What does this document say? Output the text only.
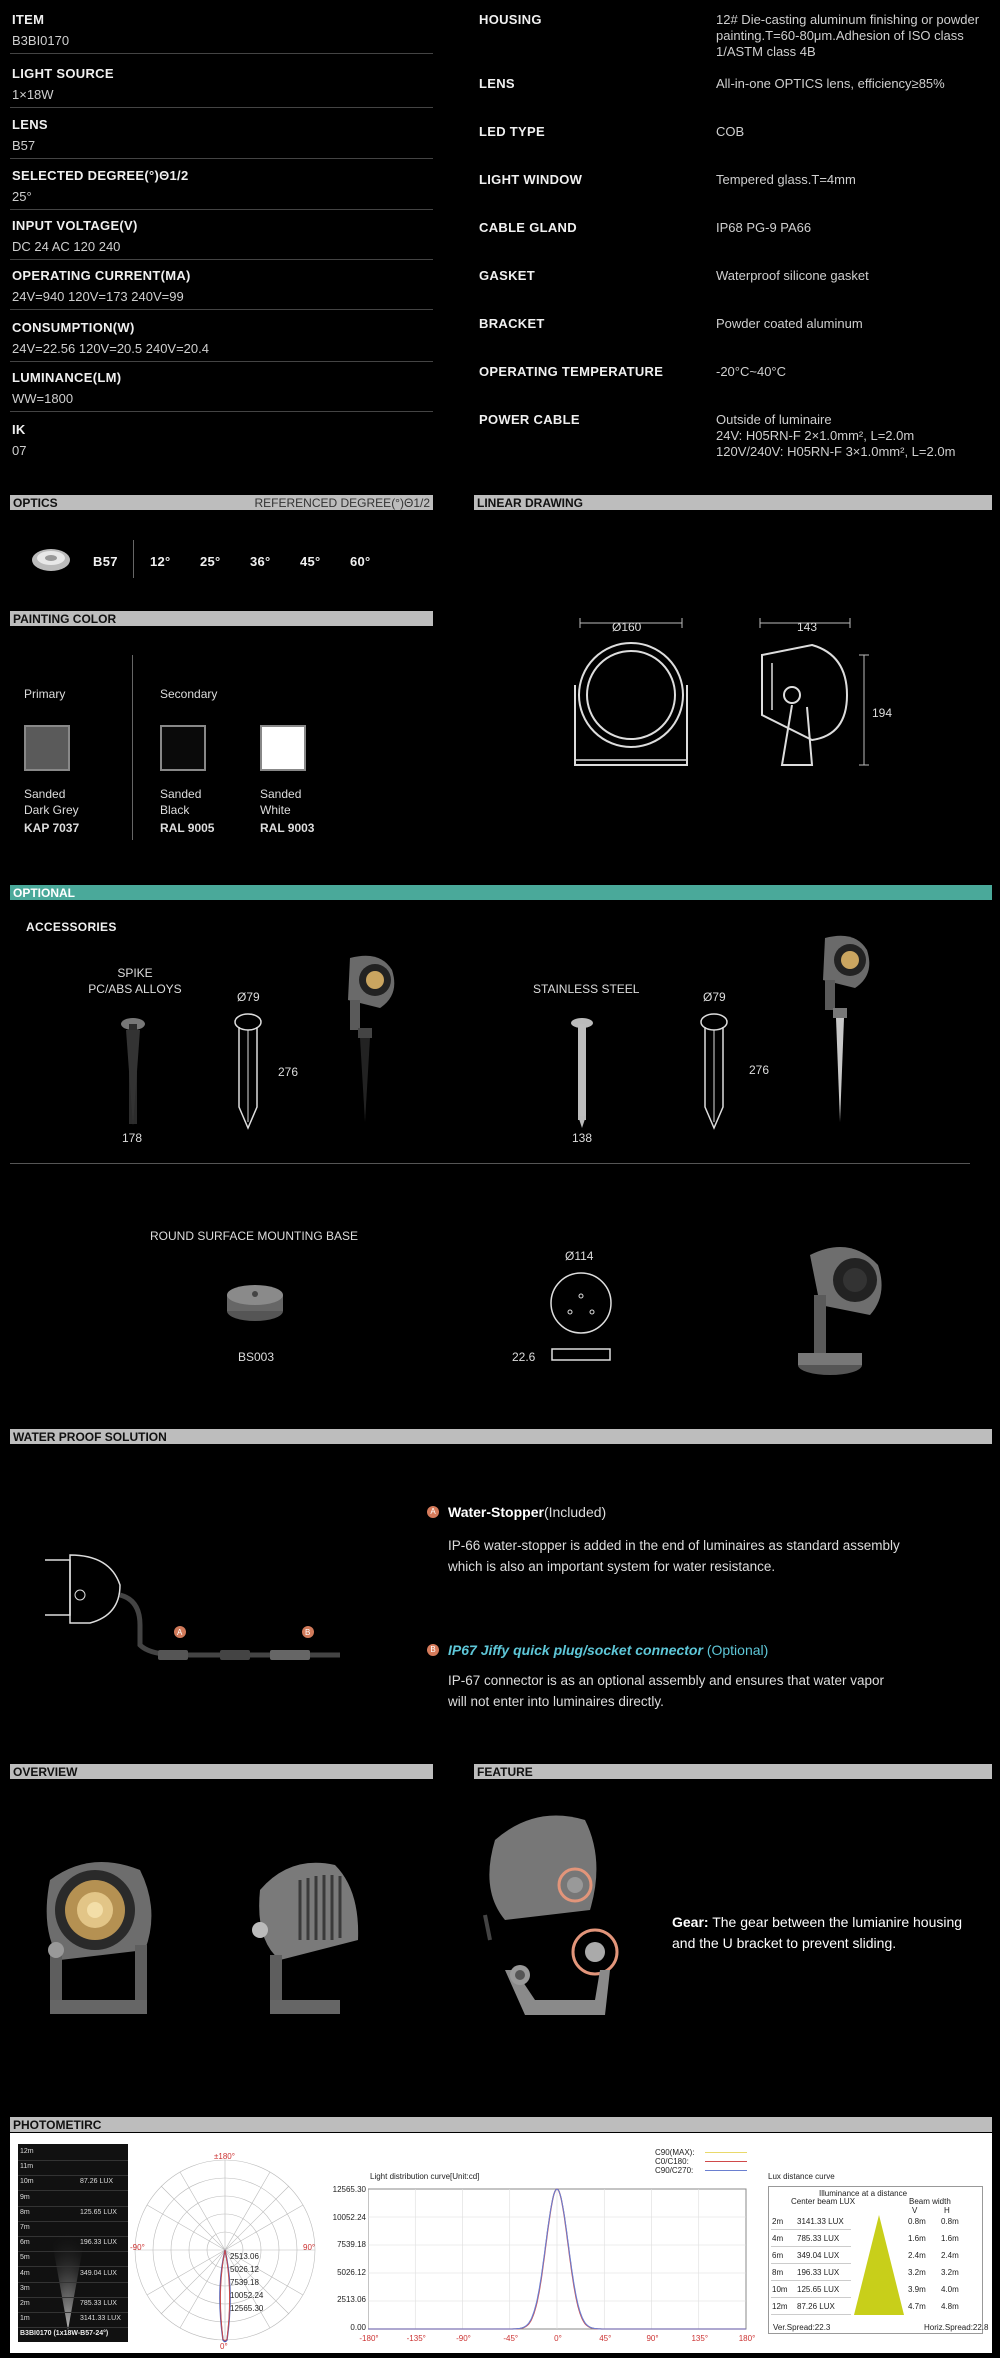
OPTICS	REFERENCED DEGREE(°)Θ1/2
B57
LINEAR DRAWING
Ø160	143
194
PAINTING COLOR
Primary	Secondary
OPTIONAL
ACCESSORIES
SPIKE
PC/ABS ALLOYS
178
Ø79
276
STAINLESS STEEL
138
Ø79
276
ROUND SURFACE MOUNTING BASE
BS003
Ø114
22.6
WATER PROOF SOLUTION
A	B
A Water-Stopper(Included)
IP-66 water-stopper is added in the end of luminaires as standard assembly
which is also an important system for water resistance.
B IP67 Jiffy quick plug/socket connector (Optional)
IP-67 connector is as an optional assembly and ensures that water vapor
will not enter into luminaires directly.
OVERVIEW	FEATURE
Gear: The gear between the lumianire housing
and the U bracket to prevent sliding.
PHOTOMETIRC
B3BI0170 (1x18W-B57-24°)
12m
11m
10m	87.26 LUX
9m
8m	125.65 LUX
7m
6m	196.33 LUX
5m
4m	349.04 LUX
3m
2m	785.33 LUX
1m	3141.33 LUX
±180°
-90°	90°
0°
Light distribution curve[Unit:cd]	Lux distance curve
Illuminance at a distance
Center beam LUX	Beam width
V	H
Ver.Spread:22.3	Horiz.Spread:22.8
2m 3141.33 LUX	0.8m 0.8m
4m 785.33 LUX	1.6m 1.6m
6m 349.04 LUX	2.4m 2.4m
8m 196.33 LUX	3.2m 3.2m
10m 125.65 LUX	3.9m 4.0m
12m 87.26 LUX	4.7m 4.8m
ITEM
B3BI0170
LIGHT SOURCE
1×18W
LENS
B57
SELECTED DEGREE(°)Θ1/2
25°
INPUT VOLTAGE(V)
DC 24 AC 120 240
OPERATING CURRENT(MA)
24V=940 120V=173 240V=99
CONSUMPTION(W)
24V=22.56 120V=20.5 240V=20.4
LUMINANCE(LM)
WW=1800
IK
07
HOUSING	12# Die-casting aluminum finishing or powder painting.T=60-80μm.Adhesion of ISO class 1/ASTM class 4B
LENS	All-in-one OPTICS lens, efficiency≥85%
LED TYPE	COB
LIGHT WINDOW	Tempered glass.T=4mm
CABLE GLAND	IP68 PG-9 PA66
GASKET	Waterproof silicone gasket
BRACKET	Powder coated aluminum
OPERATING TEMPERATURE	-20°C~40°C
POWER CABLE	Outside of luminaire
24V: H05RN-F 2×1.0mm², L=2.0m
120V/240V: H05RN-F 3×1.0mm², L=2.0m
12° 25° 36° 45° 60°
Sanded
Dark Grey
KAP 7037
Sanded
Black
RAL 9005
Sanded
White
RAL 9003
2513.06
5026.12
7539.18
10052.24
12565.30
C90(MAX):
C0/C180:
C90/C270:
12565.30
10052.24
7539.18
5026.12
2513.06
0.00
-180°	-135°	-90°	-45°	0°	45°	90°	135°	180°
